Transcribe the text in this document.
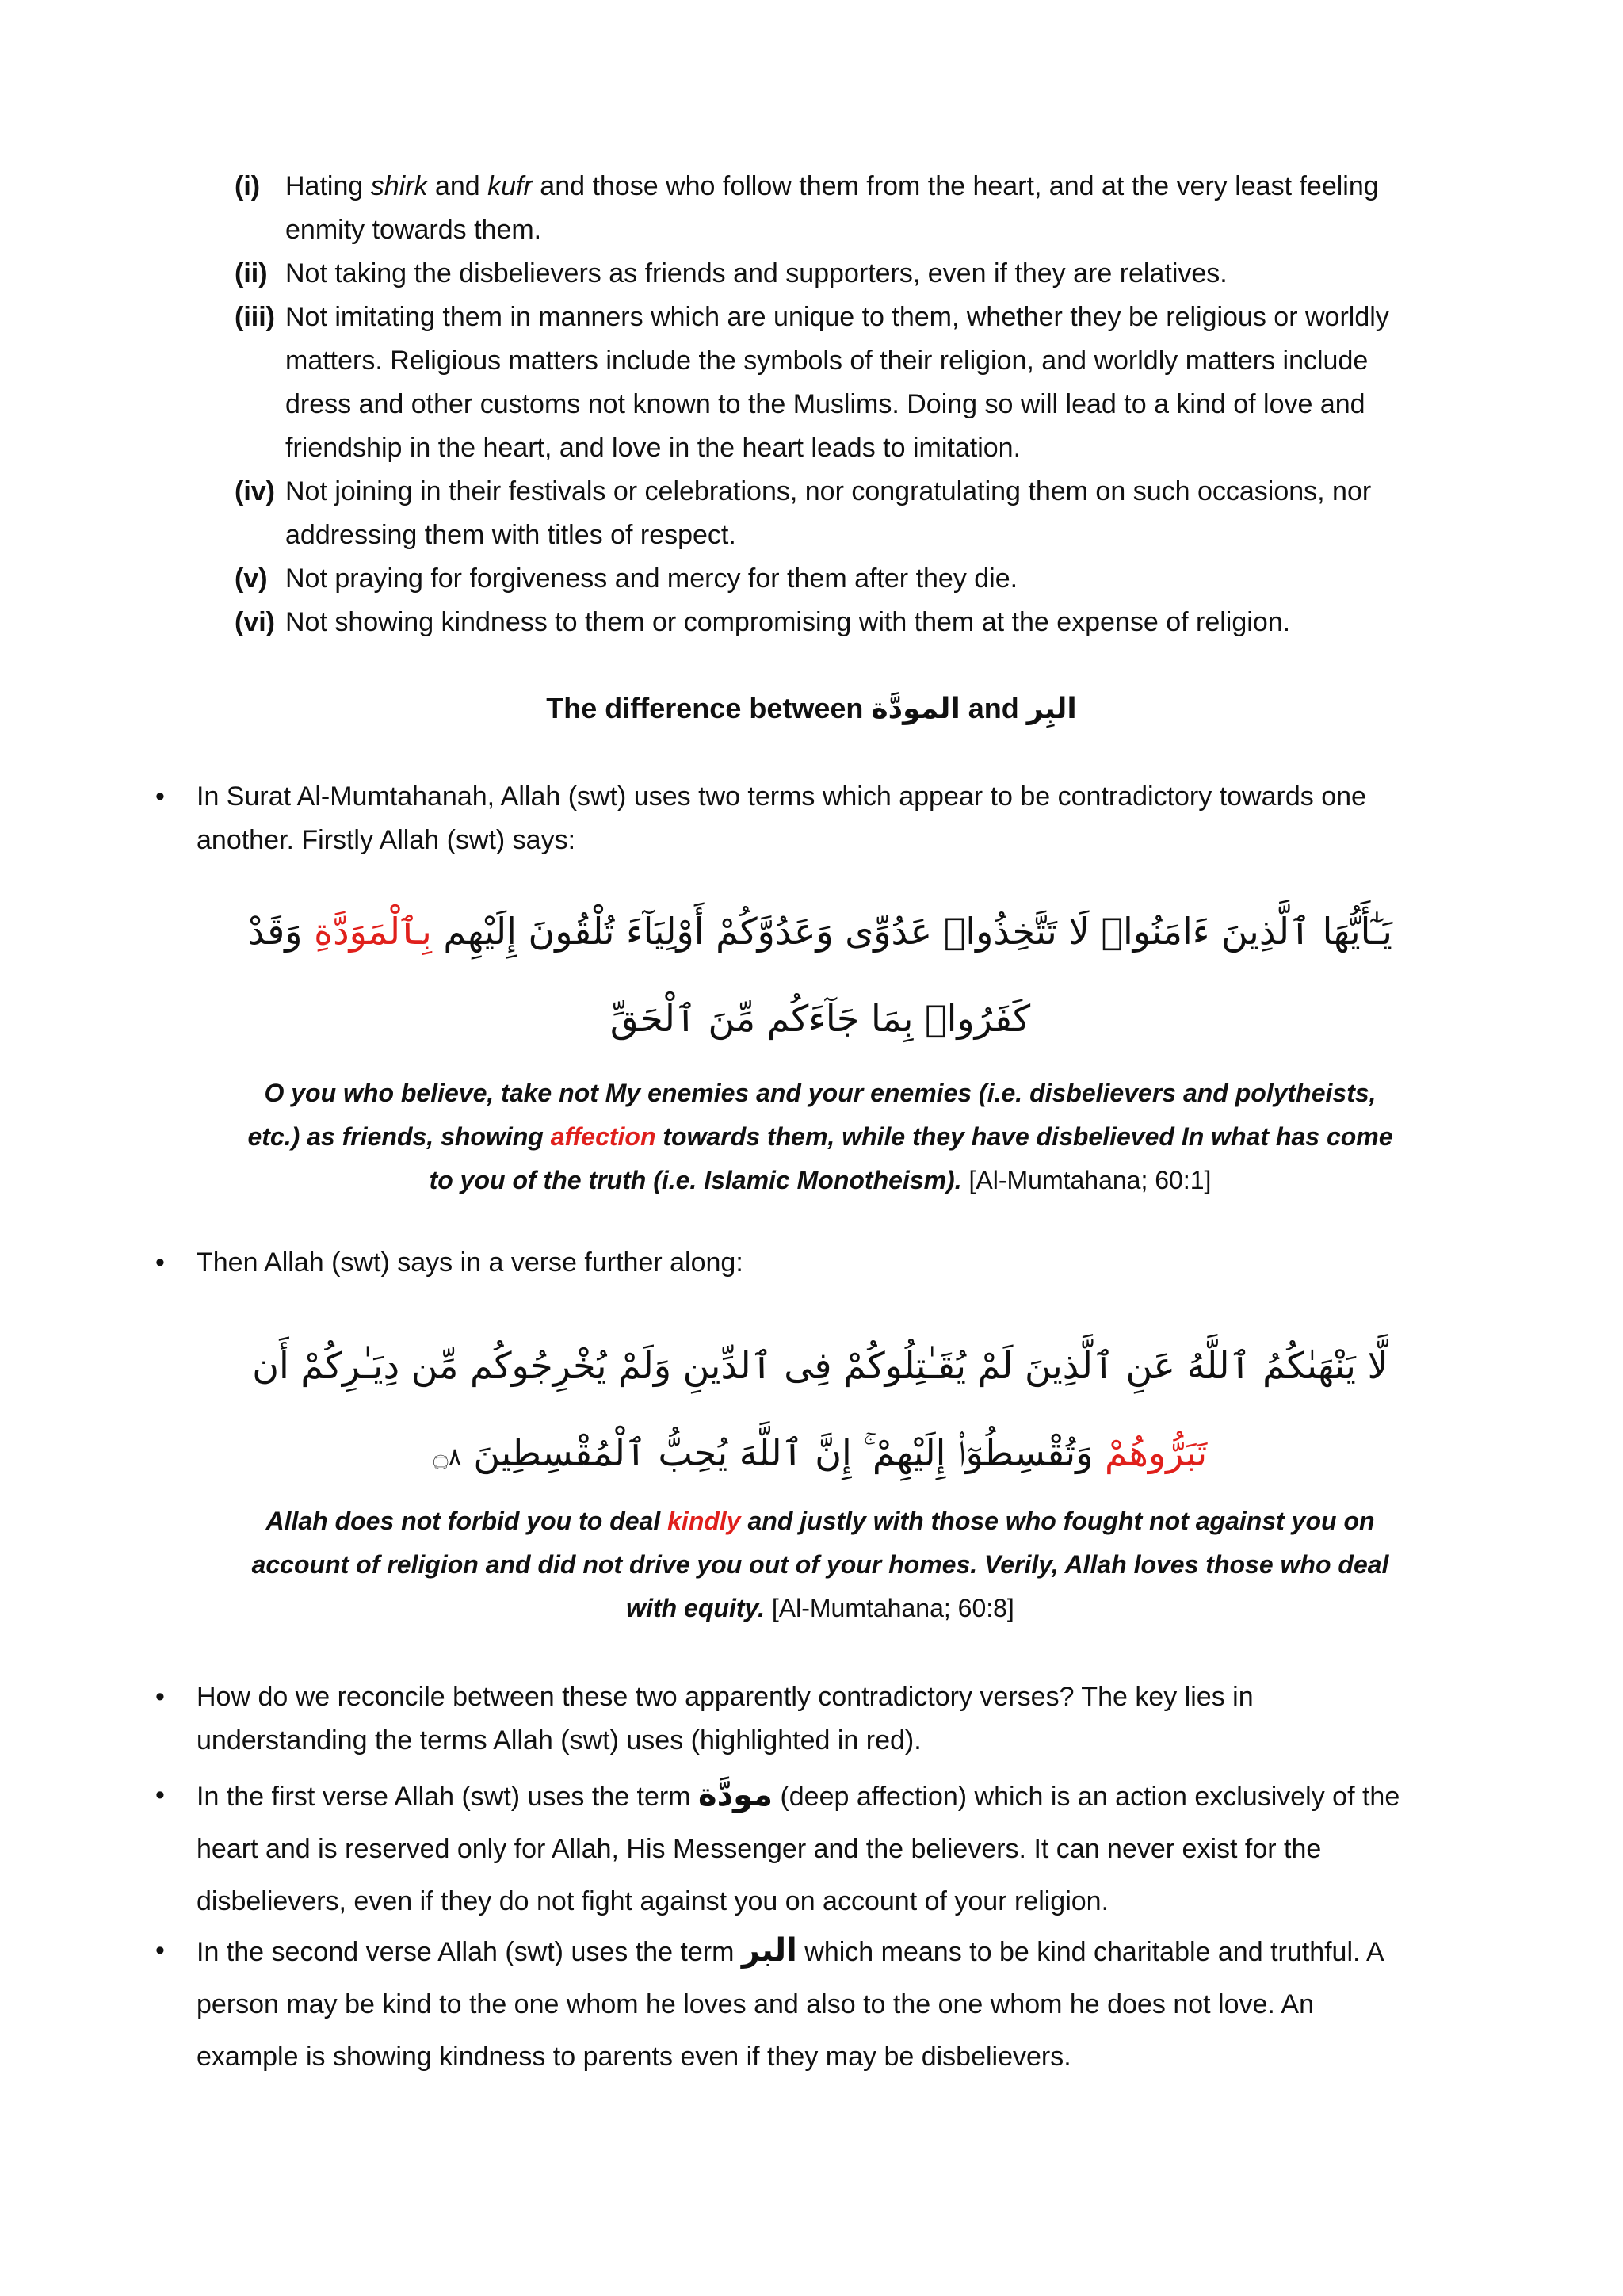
(i) Hating shirk and kufr and those who follow them from the heart, and at the very least feeling enmity towards them.
(ii) Not taking the disbelievers as friends and supporters, even if they are relatives.
(iii) Not imitating them in manners which are unique to them, whether they be religious or worldly matters. Religious matters include the symbols of their religion, and worldly matters include dress and other customs not known to the Muslims. Doing so will lead to a kind of love and friendship in the heart, and love in the heart leads to imitation.
(iv) Not joining in their festivals or celebrations, nor congratulating them on such occasions, nor addressing them with titles of respect.
(v) Not praying for forgiveness and mercy for them after they die.
(vi) Not showing kindness to them or compromising with them at the expense of religion.
The difference between المودَّة and البِر
•	In Surat Al-Mumtahanah, Allah (swt) uses two terms which appear to be contradictory towards one another. Firstly Allah (swt) says:
يَـٰٓأَيُّهَا ٱلَّذِينَ ءَامَنُوا۟ لَا تَتَّخِذُوا۟ عَدُوِّى وَعَدُوَّكُمْ أَوْلِيَآءَ تُلْقُونَ إِلَيْهِم بِٱلْمَوَدَّةِ وَقَدْ كَفَرُوا۟ بِمَا جَآءَكُم مِّنَ ٱلْحَقِّ
O you who believe, take not My enemies and your enemies (i.e. disbelievers and polytheists, etc.) as friends, showing affection towards them, while they have disbelieved In what has come to you of the truth (i.e. Islamic Monotheism). [Al-Mumtahana; 60:1]
•	Then Allah (swt) says in a verse further along:
لَّا يَنْهَىٰكُمُ ٱللَّهُ عَنِ ٱلَّذِينَ لَمْ يُقَـٰتِلُوكُمْ فِى ٱلدِّينِ وَلَمْ يُخْرِجُوكُم مِّن دِيَـٰرِكُمْ أَن تَبَرُّوهُمْ وَتُقْسِطُوٓا۟ إِلَيْهِمْ ۚ إِنَّ ٱللَّهَ يُحِبُّ ٱلْمُقْسِطِينَ ۝٨
Allah does not forbid you to deal kindly and justly with those who fought not against you on account of religion and did not drive you out of your homes. Verily, Allah loves those who deal with equity. [Al-Mumtahana; 60:8]
•	How do we reconcile between these two apparently contradictory verses? The key lies in understanding the terms Allah (swt) uses (highlighted in red).
•	In the first verse Allah (swt) uses the term مودَّة (deep affection) which is an action exclusively of the heart and is reserved only for Allah, His Messenger and the believers. It can never exist for the disbelievers, even if they do not fight against you on account of your religion.
•	In the second verse Allah (swt) uses the term البر which means to be kind charitable and truthful. A person may be kind to the one whom he loves and also to the one whom he does not love. An example is showing kindness to parents even if they may be disbelievers.
